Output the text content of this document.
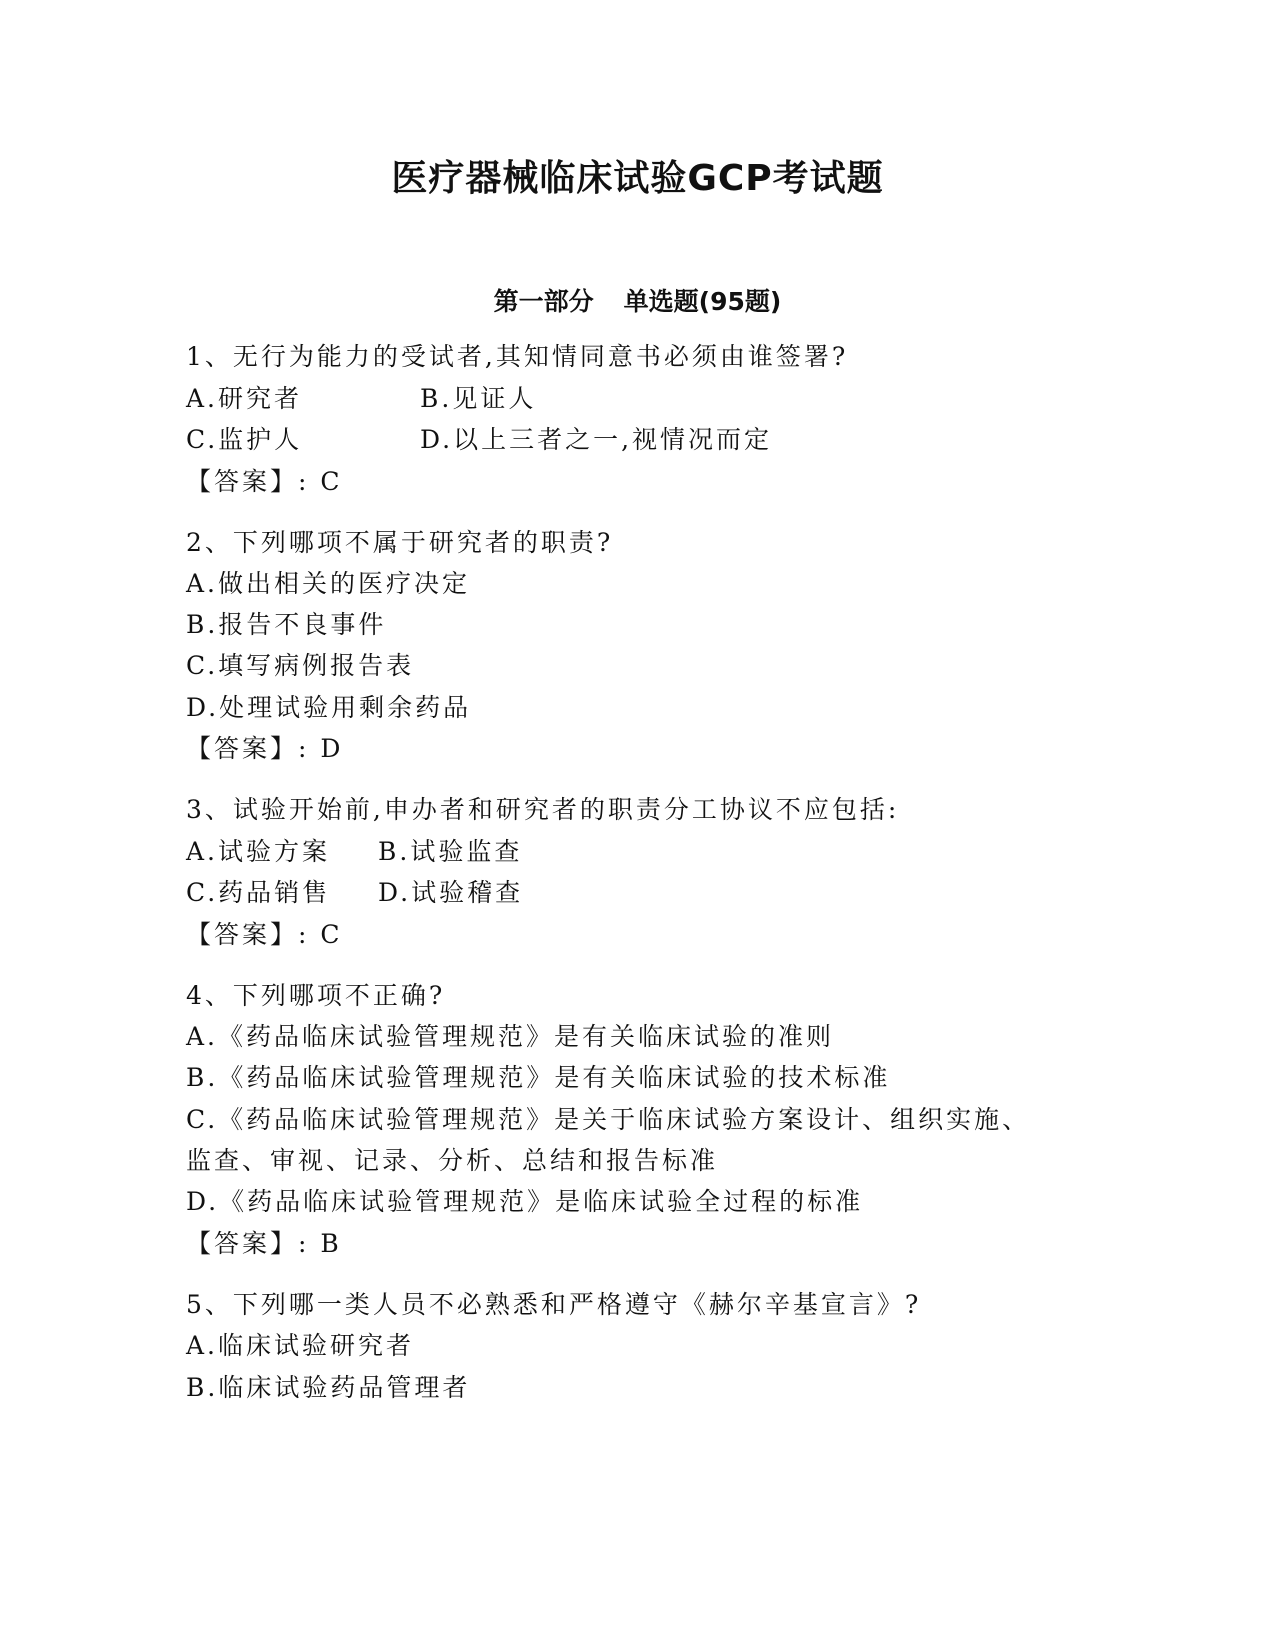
医疗器械临床试验GCP考试题
第一部分 单选题(95题)
1、无行为能力的受试者,其知情同意书必须由谁签署?
A.研究者	B.见证人
C.监护人	D.以上三者之一,视情况而定
【答案】: C
2、下列哪项不属于研究者的职责?
A.做出相关的医疗决定
B.报告不良事件
C.填写病例报告表
D.处理试验用剩余药品
【答案】: D
3、试验开始前,申办者和研究者的职责分工协议不应包括:
A.试验方案 B.试验监查
C.药品销售 D.试验稽查
【答案】: C
4、下列哪项不正确?
A.《药品临床试验管理规范》是有关临床试验的准则
B.《药品临床试验管理规范》是有关临床试验的技术标准
C.《药品临床试验管理规范》是关于临床试验方案设计、组织实施、
监查、审视、记录、分析、总结和报告标准
D.《药品临床试验管理规范》是临床试验全过程的标准
【答案】: B
5、下列哪一类人员不必熟悉和严格遵守《赫尔辛基宣言》?
A.临床试验研究者
B.临床试验药品管理者
